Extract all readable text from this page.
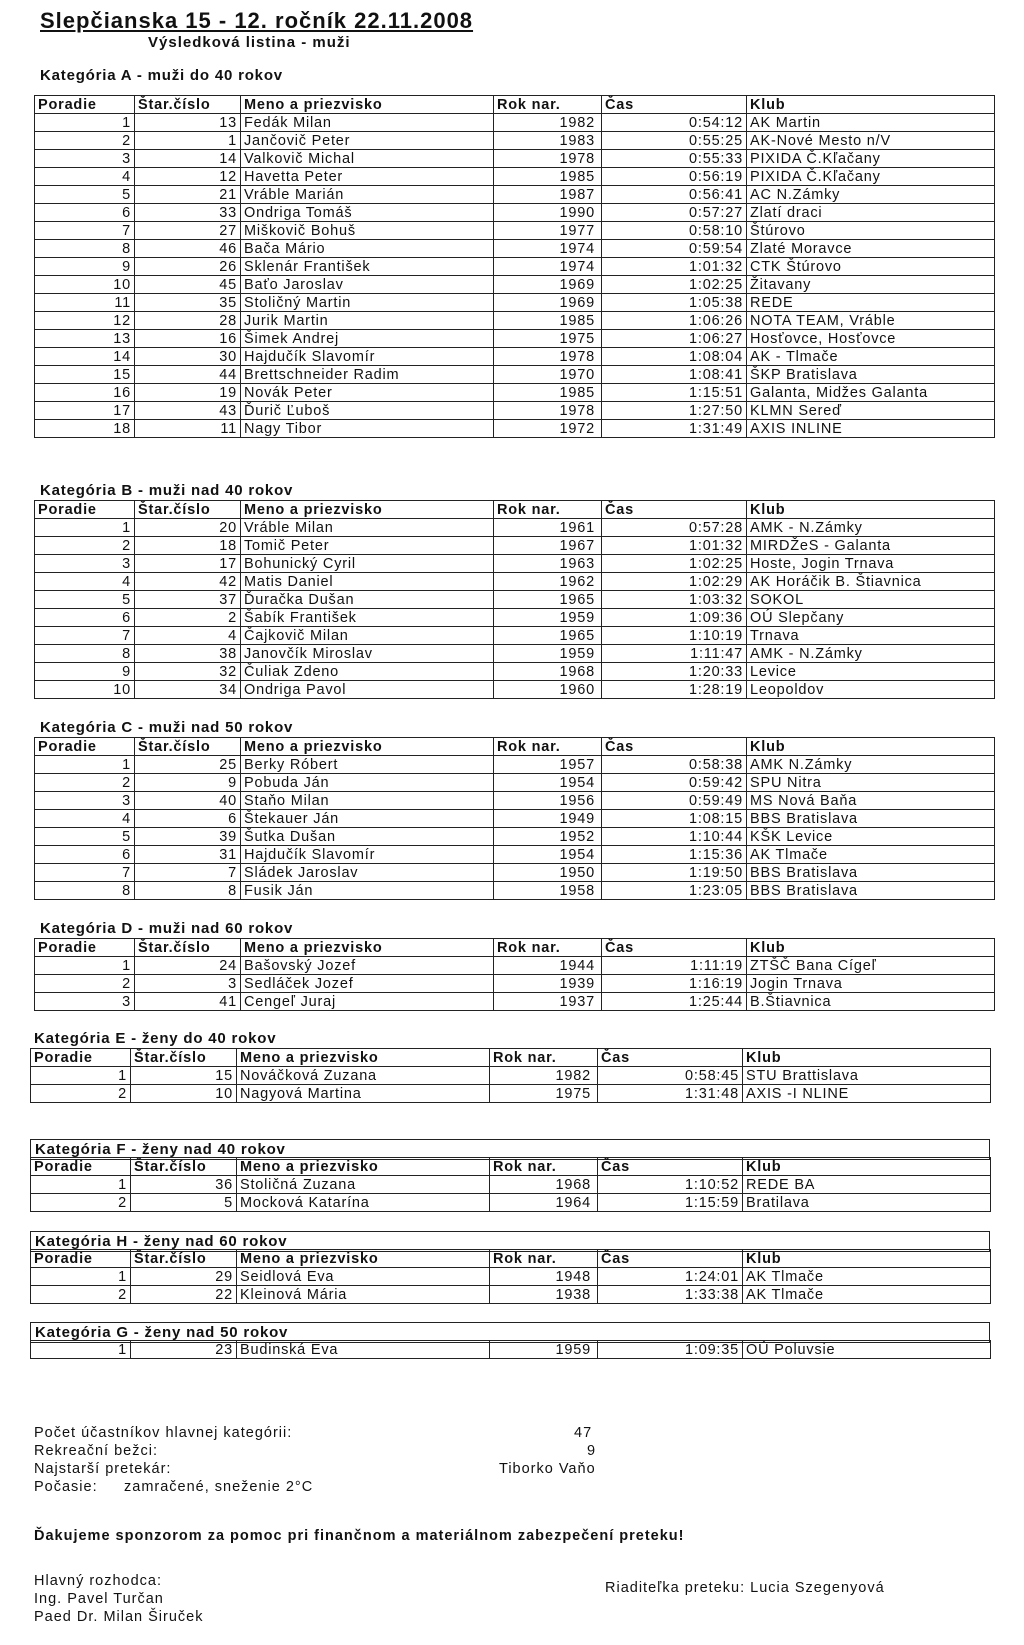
Slepčianska 15 - 12. ročník 22.11.2008
Výsledková listina - muži
Kategória A - muži do 40 rokov
Poradie	Štar.číslo	Meno a priezvisko	Rok nar.	Čas	Klub
1	13	Fedák Milan	1982	0:54:12	AK Martin
2	1	Jančovič Peter	1983	0:55:25	AK-Nové Mesto n/V
3	14	Valkovič Michal	1978	0:55:33	PIXIDA Č.Kľačany
4	12	Havetta Peter	1985	0:56:19	PIXIDA Č.Kľačany
5	21	Vráble Marián	1987	0:56:41	AC N.Zámky
6	33	Ondriga Tomáš	1990	0:57:27	Zlatí draci
7	27	Miškovič Bohuš	1977	0:58:10	Štúrovo
8	46	Bača Mário	1974	0:59:54	Zlaté Moravce
9	26	Sklenár František	1974	1:01:32	CTK Štúrovo
10	45	Baťo Jaroslav	1969	1:02:25	Žitavany
11	35	Stoličný Martin	1969	1:05:38	REDE
12	28	Jurik Martin	1985	1:06:26	NOTA TEAM, Vráble
13	16	Šimek Andrej	1975	1:06:27	Hosťovce, Hosťovce
14	30	Hajdučík Slavomír	1978	1:08:04	AK - Tlmače
15	44	Brettschneider Radim	1970	1:08:41	ŠKP Bratislava
16	19	Novák Peter	1985	1:15:51	Galanta, Midžes Galanta
17	43	Ďurič Ľuboš	1978	1:27:50	KLMN Sereď
18	11	Nagy Tibor	1972	1:31:49	AXIS INLINE
Kategória B - muži nad 40 rokov
Poradie	Štar.číslo	Meno a priezvisko	Rok nar.	Čas	Klub
1	20	Vráble Milan	1961	0:57:28	AMK - N.Zámky
2	18	Tomič Peter	1967	1:01:32	MIRDŽeS - Galanta
3	17	Bohunický Cyril	1963	1:02:25	Hoste, Jogin Trnava
4	42	Matis Daniel	1962	1:02:29	AK Horáčik B. Štiavnica
5	37	Ďuračka Dušan	1965	1:03:32	SOKOL
6	2	Šabík František	1959	1:09:36	OÚ Slepčany
7	4	Čajkovič Milan	1965	1:10:19	Trnava
8	38	Janovčík Miroslav	1959	1:11:47	AMK - N.Zámky
9	32	Čuliak Zdeno	1968	1:20:33	Levice
10	34	Ondriga Pavol	1960	1:28:19	Leopoldov
Kategória C - muži nad 50 rokov
Poradie	Štar.číslo	Meno a priezvisko	Rok nar.	Čas	Klub
1	25	Berky Róbert	1957	0:58:38	AMK N.Zámky
2	9	Pobuda Ján	1954	0:59:42	SPU Nitra
3	40	Staňo Milan	1956	0:59:49	MS Nová Baňa
4	6	Štekauer Ján	1949	1:08:15	BBS Bratislava
5	39	Šutka Dušan	1952	1:10:44	KŠK Levice
6	31	Hajdučík Slavomír	1954	1:15:36	AK Tlmače
7	7	Sládek Jaroslav	1950	1:19:50	BBS Bratislava
8	8	Fusik Ján	1958	1:23:05	BBS Bratislava
Kategória D - muži nad 60 rokov
Poradie	Štar.číslo	Meno a priezvisko	Rok nar.	Čas	Klub
1	24	Bašovský Jozef	1944	1:11:19	ZTŠČ Bana Cígeľ
2	3	Sedláček Jozef	1939	1:16:19	Jogin Trnava
3	41	Cengeľ Juraj	1937	1:25:44	B.Štiavnica
Kategória E - ženy do 40 rokov
Poradie	Štar.číslo	Meno a priezvisko	Rok nar.	Čas	Klub
1	15	Nováčková Zuzana	1982	0:58:45	STU Brattislava
2	10	Nagyová Martina	1975	1:31:48	AXIS -I NLINE
Kategória F - ženy nad 40 rokov
Poradie	Štar.číslo	Meno a priezvisko	Rok nar.	Čas	Klub
1	36	Stoličná Zuzana	1968	1:10:52	REDE BA
2	5	Mocková Katarína	1964	1:15:59	Bratilava
Kategória H - ženy nad 60 rokov
Poradie	Štar.číslo	Meno a priezvisko	Rok nar.	Čas	Klub
1	29	Seidlová Eva	1948	1:24:01	AK Tlmače
2	22	Kleinová Mária	1938	1:33:38	AK Tlmače
Kategória G - ženy nad 50 rokov
1	23	Budinská Eva	1959	1:09:35	OÚ Poluvsie
Počet účastníkov hlavnej kategórii:	47
Rekreační bežci:	9
Najstarší pretekár:	Tiborko Vaňo
Počasie: zamračené, sneženie 2°C
Ďakujeme sponzorom za pomoc pri finančnom a materiálnom zabezpečení preteku!
Hlavný rozhodca:
Ing. Pavel Turčan
Paed Dr. Milan Širuček
Riaditeľka preteku: Lucia Szegenyová
